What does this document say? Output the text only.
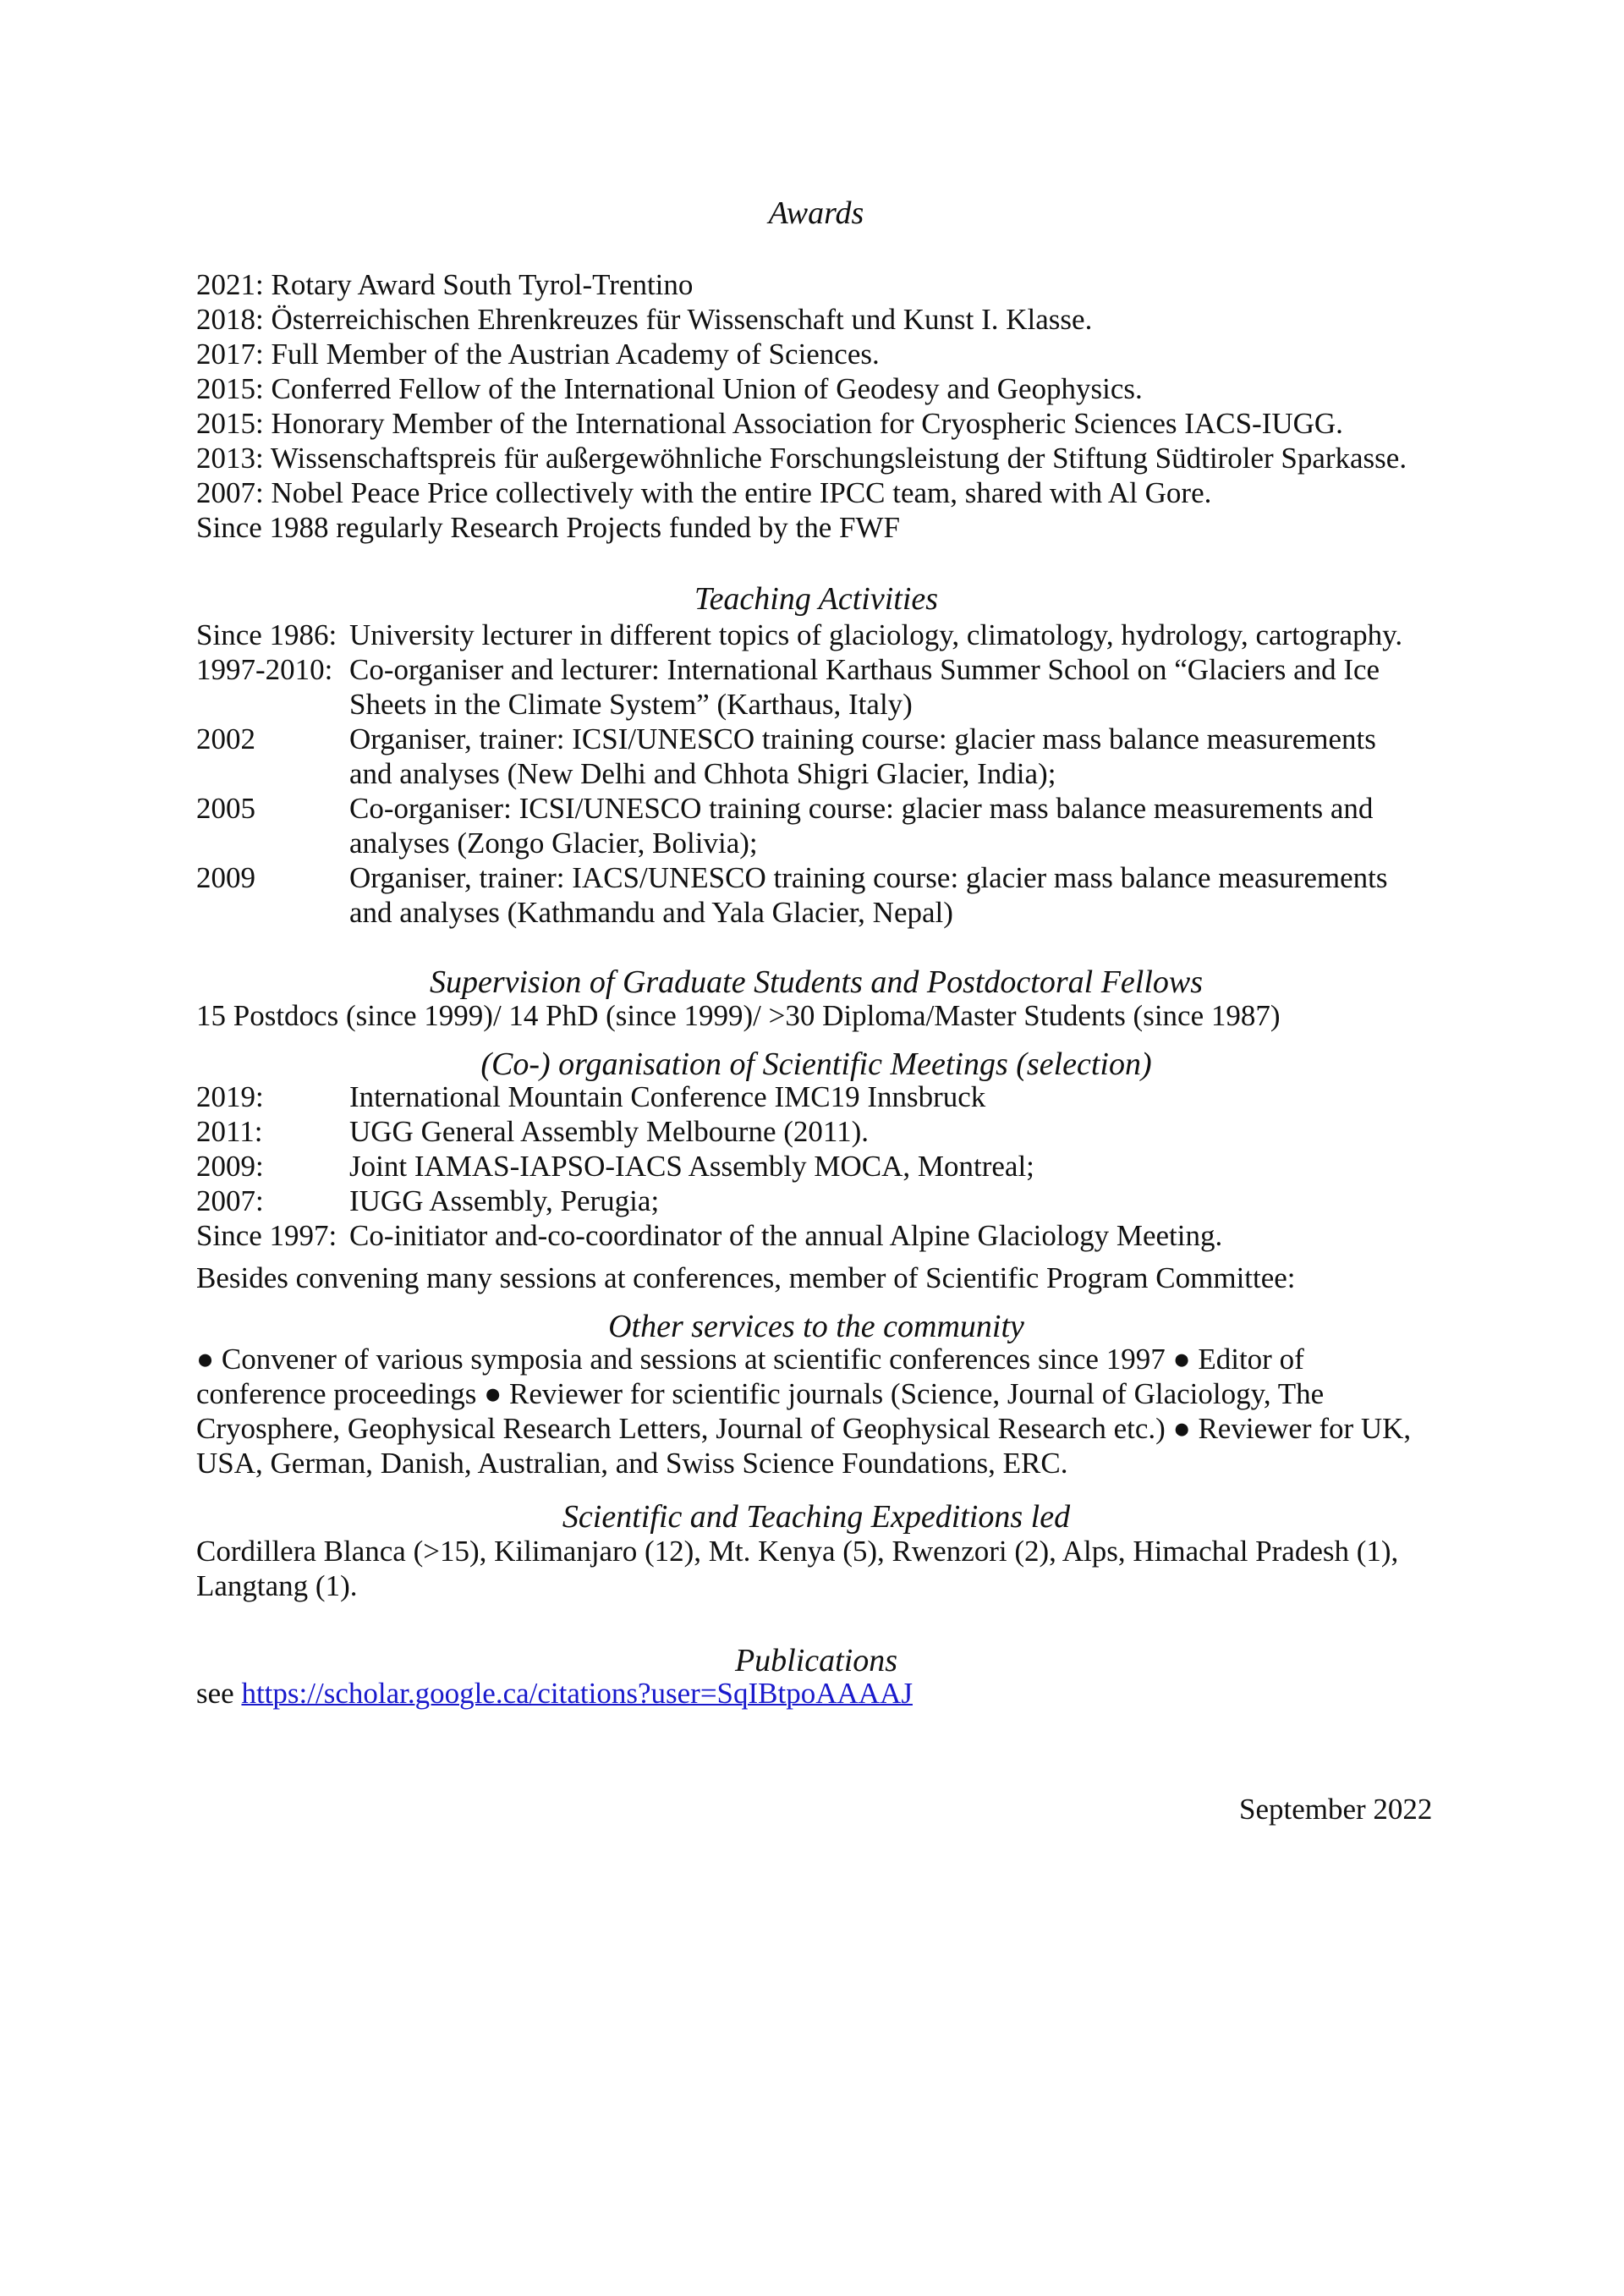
Awards
2021: Rotary Award South Tyrol-Trentino
2018: Österreichischen Ehrenkreuzes für Wissenschaft und Kunst I. Klasse.
2017: Full Member of the Austrian Academy of Sciences.
2015: Conferred Fellow of the International Union of Geodesy and Geophysics.
2015: Honorary Member of the International Association for Cryospheric Sciences IACS-IUGG.
2013: Wissenschaftspreis für außergewöhnliche Forschungsleistung der Stiftung Südtiroler Sparkasse.
2007: Nobel Peace Price collectively with the entire IPCC team, shared with Al Gore.
Since 1988 regularly Research Projects funded by the FWF
Teaching Activities
Since 1986: University lecturer in different topics of glaciology, climatology, hydrology, cartography.
1997-2010: Co-organiser and lecturer: International Karthaus Summer School on “Glaciers and Ice
Sheets in the Climate System” (Karthaus, Italy)
2002	Organiser, trainer: ICSI/UNESCO training course: glacier mass balance measurements
and analyses (New Delhi and Chhota Shigri Glacier, India);
2005	Co-organiser: ICSI/UNESCO training course: glacier mass balance measurements and
analyses (Zongo Glacier, Bolivia);
2009	Organiser, trainer: IACS/UNESCO training course: glacier mass balance measurements
and analyses (Kathmandu and Yala Glacier, Nepal)
Supervision of Graduate Students and Postdoctoral Fellows
15 Postdocs (since 1999)/ 14 PhD (since 1999)/ >30 Diploma/Master Students (since 1987)
(Co-) organisation of Scientific Meetings (selection)
2019:	International Mountain Conference IMC19 Innsbruck
2011:	UGG General Assembly Melbourne (2011).
2009:	Joint IAMAS-IAPSO-IACS Assembly MOCA, Montreal;
2007:	IUGG Assembly, Perugia;
Since 1997: Co-initiator and-co-coordinator of the annual Alpine Glaciology Meeting.
Besides convening many sessions at conferences, member of Scientific Program Committee:
Other services to the community
● Convener of various symposia and sessions at scientific conferences since 1997 ● Editor of
conference proceedings ● Reviewer for scientific journals (Science, Journal of Glaciology, The
Cryosphere, Geophysical Research Letters, Journal of Geophysical Research etc.) ● Reviewer for UK,
USA, German, Danish, Australian, and Swiss Science Foundations, ERC.
Scientific and Teaching Expeditions led
Cordillera Blanca (>15), Kilimanjaro (12), Mt. Kenya (5), Rwenzori (2), Alps, Himachal Pradesh (1),
Langtang (1).
Publications
see https://scholar.google.ca/citations?user=SqIBtpoAAAAJ
September 2022
